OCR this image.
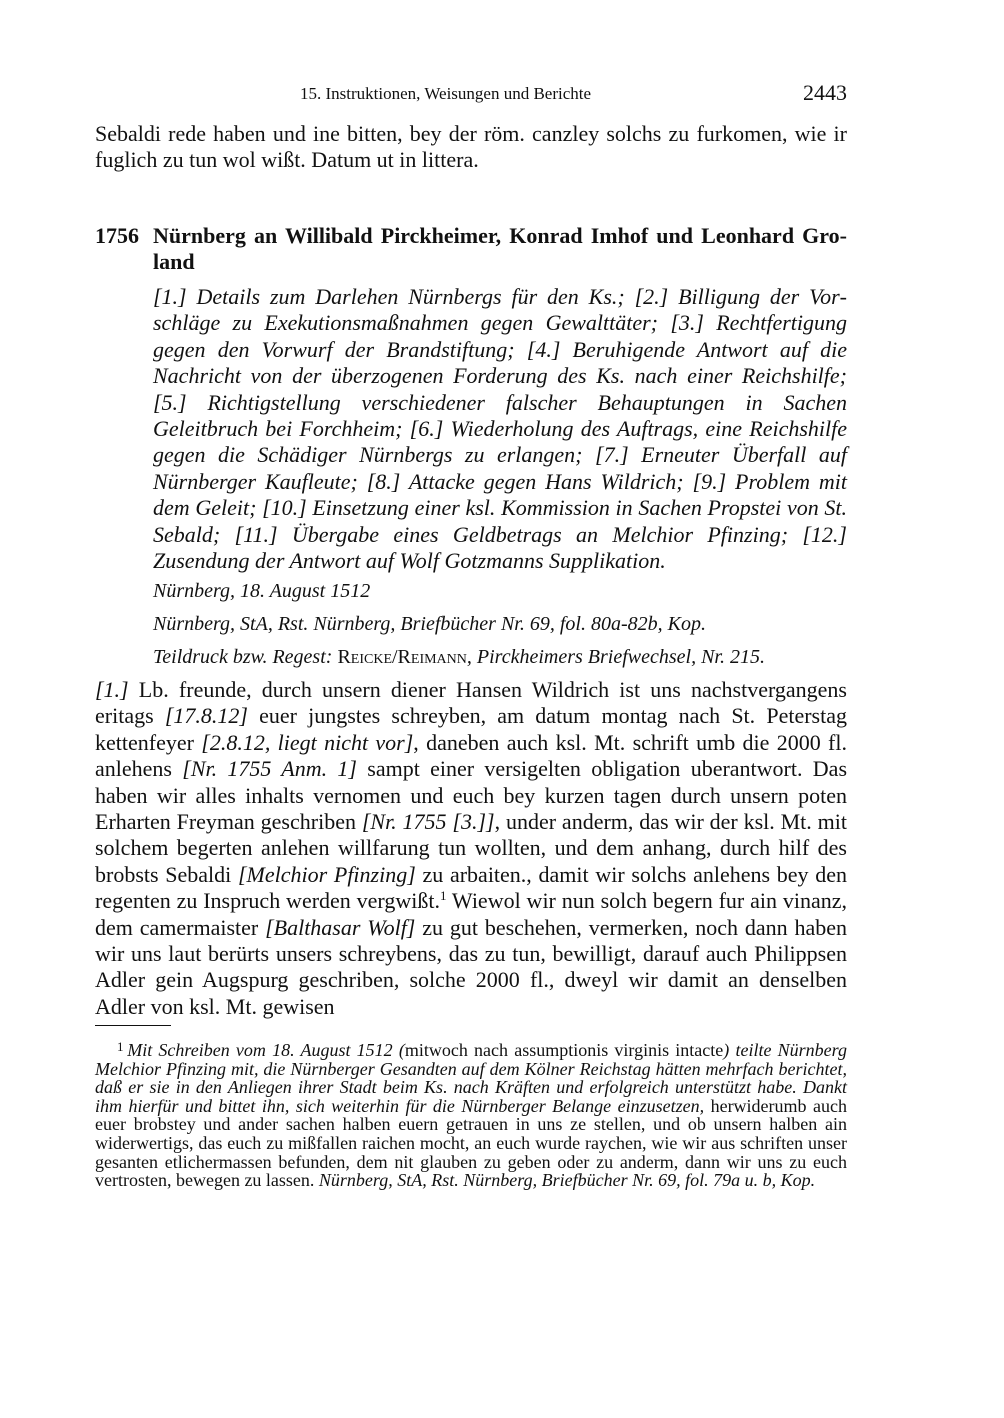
15. Instruktionen, Weisungen und Berichte	2443

Sebaldi rede haben und ine bitten, bey der röm. canzley solchs zu furkomen, wie ir fuglich zu tun wol wißt. Datum ut in littera.

1756 Nürnberg an Willibald Pirckheimer, Konrad Imhof und Leonhard Groland

[1.] Details zum Darlehen Nürnbergs für den Ks.; [2.] Billigung der Vorschläge zu Exekutionsmaßnahmen gegen Gewalttäter; [3.] Rechtfertigung gegen den Vorwurf der Brandstiftung; [4.] Beruhigende Antwort auf die Nachricht von der überzogenen Forderung des Ks. nach einer Reichshilfe; [5.] Richtigstellung verschiedener falscher Behauptungen in Sachen Geleitbruch bei Forchheim; [6.] Wiederholung des Auftrags, eine Reichshilfe gegen die Schädiger Nürnbergs zu erlangen; [7.] Erneuter Überfall auf Nürnberger Kaufleute; [8.] Attacke gegen Hans Wildrich; [9.] Problem mit dem Geleit; [10.] Einsetzung einer ksl. Kommission in Sachen Propstei von St. Sebald; [11.] Übergabe eines Geldbetrags an Melchior Pfinzing; [12.] Zusendung der Antwort auf Wolf Gotzmanns Supplikation.

Nürnberg, 18. August 1512
Nürnberg, StA, Rst. Nürnberg, Briefbücher Nr. 69, fol. 80a-82b, Kop.
Teildruck bzw. Regest: Reicke/Reimann, Pirckheimers Briefwechsel, Nr. 215.

[1.] Lb. freunde, durch unsern diener Hansen Wildrich ist uns nachstvergangens eritags [17.8.12] euer jungstes schreyben, am datum montag nach St. Peterstag kettenfeyer [2.8.12, liegt nicht vor], daneben auch ksl. Mt. schrift umb die 2000 fl. anlehens [Nr. 1755 Anm. 1] sampt einer versigelten obligation uberantwort. Das haben wir alles inhalts vernomen und euch bey kurzen tagen durch unsern poten Erharten Freyman geschriben [Nr. 1755 [3.]], under anderm, das wir der ksl. Mt. mit solchem begerten anlehen willfarung tun wollten, und dem anhang, durch hilf des brobsts Sebaldi [Melchior Pfinzing] zu arbaiten., damit wir solchs anlehens bey den regenten zu Inspruch werden vergwißt.$^1$ Wiewol wir nun solch begern fur ain vinanz, dem camermaister [Balthasar Wolf] zu gut beschehen, vermerken, noch dann haben wir uns laut berürts unsers schreybens, das zu tun, bewilligt, darauf auch Philippsen Adler gein Augspurg geschriben, solche 2000 fl., dweyl wir damit an denselben Adler von ksl. Mt. gewisen

1 Mit Schreiben vom 18. August 1512 (mitwoch nach assumptionis virginis intacte) teilte Nürnberg Melchior Pfinzing mit, die Nürnberger Gesandten auf dem Kölner Reichstag hätten mehrfach berichtet, daß er sie in den Anliegen ihrer Stadt beim Ks. nach Kräften und erfolgreich unterstützt habe. Dankt ihm hierfür und bittet ihn, sich weiterhin für die Nürnberger Belange einzusetzen, herwiderumb auch euer brobstey und ander sachen halben euern getrauen in uns ze stellen, und ob unsern halben ain widerwertigs, das euch zu mißfallen raichen mocht, an euch wurde raychen, wie wir aus schriften unser gesanten etlichermassen befunden, dem nit glauben zu geben oder zu anderm, dann wir uns zu euch vertrosten, bewegen zu lassen. Nürnberg, StA, Rst. Nürnberg, Briefbücher Nr. 69, fol. 79a u. b, Kop.
